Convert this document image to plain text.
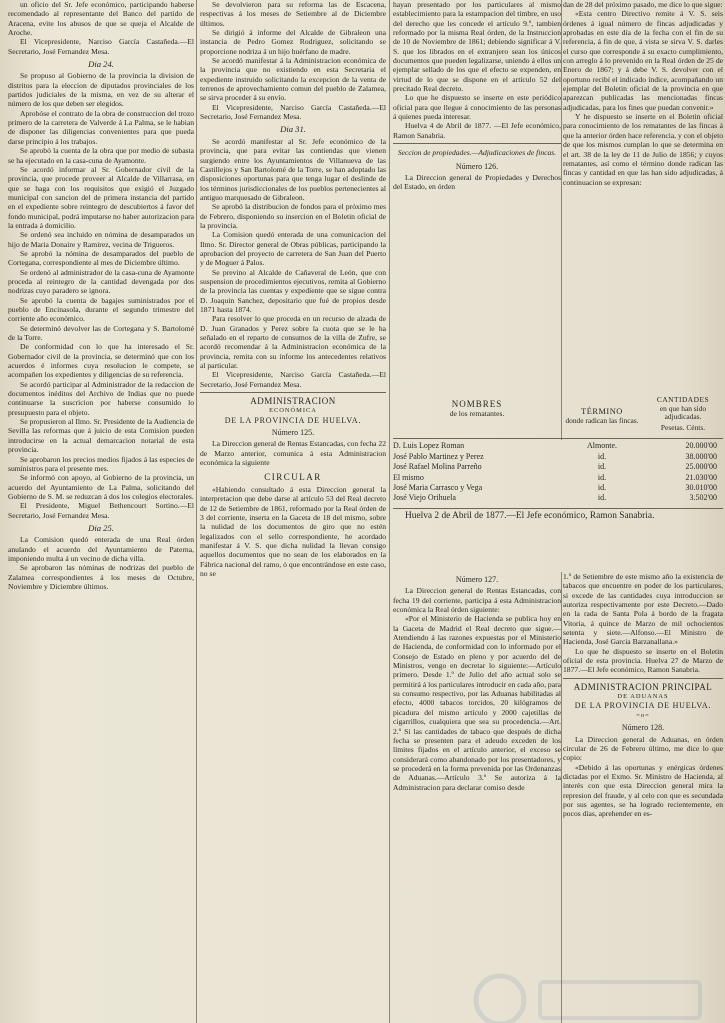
un oficio del Sr. Jefe económico, participando haberse recomendado al representante del Banco del partido de Aracena, evite los abusos de que se queja el Alcalde de Aroche.

El Vicepresidente, Narciso García Castañeda.—El Secretario, José Fernandez Mesa.

Dia 24.

Se propuso al Gobierno de la provincia la division de distritos para la eleccion de diputados provinciales de los partidos judiciales de la misma, en vez de su alterar el número de los que deben ser elegidos.

Aprobóse el contrato de la obra de construccion del trozo primero de la carretera de Valverde á La Palma, se le habian de disponer las diligencias convenientes para que pueda darse principio á los trabajos.

Se aprobó la cuenta de la obra que por medio de subasta se ha ejecutado en la casa-cuna de Ayamonte.

Se acordó informar al Sr. Gobernador civil de la provincia, que procede proveer al Alcalde de Villarrasa, en que se haga con los requisitos que exigió el Juzgado municipal con sancion del de primera instancia del partido en el expediente sobre reintegro de descubiertos á favor del fondo municipal, podrá imputarse no haber autorizacion para la entrada á domicilio.

Se ordenó sea incluido en nómina de desamparados un hijo de Maria Donaire y Ramirez, vecina de Trigueros.

Se aprobó la nómina de desamparados del pueblo de Cortegana, correspondiente al mes de Diciembre último.

Se ordenó al administrador de la casa-cuna de Ayamonte proceda al reintegro de la cantidad devengada por dos nodrizas cuyo paradero se ignora.

Se aprobó la cuenta de bagajes suministrados por el pueblo de Encinasola, durante el segundo trimestre del corriente año económico.

Se determinó devolver las de Cortegana y S. Bartolomé de la Torre.

De conformidad con lo que ha interesado el Sr. Gobernador civil de la provincia, se determinó que con los acuerdos é informes cuya resolucion le compete, se acompañen los expedientes y diligencias de su referencia.

Se acordó participar al Administrador de la redaccion de documentos inéditos del Archivo de Indias que no puede continuarse la suscricion por haberse consumido lo presupuesto para el objeto.

Se propusieron al Ilmo. Sr. Presidente de la Audiencia de Sevilla las reformas que á juicio de esta Comision pueden introducirse en la actual demarcacion notarial de esta provincia.

Se aprobaron los precios medios fijados á las especies de suministros para el presente mes.

Se informó con apoyo, al Gobierno de la provincia, un acuerdo del Ayuntamiento de La Palma, solicitando del Gobierno de S. M. se reduzcan á dos los colegios electorales.

El Presidente, Miguel Bethencourt Sortino.—El Secretario, José Fernandez Mesa.

Dia 25.

La Comision quedó enterada de una Real órden anulando el acuerdo del Ayuntamiento de Paterna, imponiendo multa á un vecino de dicha villa.

Se aprobaron las nóminas de nodrizas del pueblo de Zalamea correspondientes á los meses de Octubre, Noviembre y Diciembre últimos.

Se devolvieron para su reforma las de Escacena, respectivas á los meses de Setiembre al de Diciembre últimos.

Se dirigió á informe del Alcalde de Gibraleon una instancia de Pedro Gomez Rodriguez, solicitando se proporcione nodriza á un hijo huérfano de madre.

Se acordó manifestar á la Administracion económica de la provincia que no existiendo en esta Secretaria el expediente instruido solicitando la excepcion de la venta de terrenos de aprovechamiento comun del pueblo de Zalamea, se sirva proceder á su envío.

El Vicepresidente, Narciso García Castañeda.—El Secretario, José Fernandez Mesa.

Dia 31.

Se acordó manifestar al Sr. Jefe económico de la provincia, que para evitar las contiendas que vienen surgiendo entre los Ayuntamientos de Villanueva de las Castillejos y San Bartolomé de la Torre, se han adoptado las disposiciones oportunas para que tenga lugar el deslinde de los términos jurisdiccionales de los pueblos pertenecientes al antiguo marquesado de Gibraleon.

Se aprobó la distribucion de fondos para el próximo mes de Febrero, disponiendo su insercion en el Boletin oficial de la provincia.

La Comision quedó enterada de una comunicacion del Ilmo. Sr. Director general de Obras públicas, participando la aprobacion del proyecto de carretera de San Juan del Puerto y de Moguer á Palos.

Se previno al Alcalde de Cañaveral de León, que con suspension de procedimientos ejecutivos, remita al Gobierno de la provincia las cuentas y expediente que se sigue contra D. Joaquin Sanchez, depositario que fué de propios desde 1871 hasta 1874.

Para resolver lo que proceda en un recurso de alzada de D. Juan Granados y Perez sobre la cuota que se le ha señalado en el reparto de consumos de la villa de Zufre, se acordó recomendar á la Administracion económica de la provincia, remita con su informe los antecedentes relativos al particular.

El Vicepresidente, Narciso García Castañeda.—El Secretario, José Fernandez Mesa.

ADMINISTRACION
ECONÓMICA
DE LA PROVINCIA DE HUELVA.
Número 125.

La Direccion general de Rentas Estancadas, con fecha 22 de Marzo anterior, comunica á esta Administracion económica la siguiente

CIRCULAR

«Habiendo consultado á esta Direccion general la interpretacion que debe darse al artículo 53 del Real decreto de 12 de Setiembre de 1861, reformado por la Real órden de 3 del corriente, inserta en la Gaceta de 18 del mismo, sobre la nulidad de los documentos de giro que no estén legalizados con el sello correspondiente, he acordado manifestar á V. S. que dicha nulidad la llevan consigo aquellos documentos que no sean de los elaborados en la Fábrica nacional del ramo, ó que encontrándose en este caso, no se

hayan presentado por los particulares al mismo establecimiento para la estampacion del timbre, en uso del derecho que les concede el artículo 9.º, tambien reformado por la misma Real órden, de la Instruccion de 10 de Noviembre de 1861; debiendo significar á V. S. que los librados en el extranjero sean los únicos documentos que pueden legalizarse, uniendo á ellos un ejemplar sellado de los que el efecto se expenden, en virtud de lo que se dispone en el artículo 52 del precitado Real decreto.

Lo que he dispuesto se inserte en este periódico oficial para que llegue á conocimiento de las personas á quienes pueda interesar.

Huelva 4 de Abril de 1877. —El Jefe económico, Ramon Sanabria.

Seccion de propiedades.—Adjudicaciones de fincas.
Número 126.

La Direccion general de Propiedades y Derechos del Estado, en órden

dan de 28 del próximo pasado, me dice lo que sigue:

«Esta centro Directivo remite á V. S. seis órdenes á igual número de fincas adjudicadas y aprobadas en este día de la fecha con el fin de su referencia, á fin de que, á vista se sirva V. S. darles el curso que corresponde á su exacto cumplimiento, con arreglo á lo prevenido en la Real órden de 25 de Enero de 1867; y á debe V. S. devolver con el oportuno recibí el indicado índice, acompañando un ejemplar del Boletin oficial de la provincia en que aparezcan publicadas las mencionadas fincas adjudicadas, para los fines que puedan convenir.»

Y he dispuesto se inserte en el Boletin oficial para conocimiento de los rematantes de las fincas á que la anterior órden hace referencia, y con el objeto de que los mismos cumplan lo que se determina en el art. 38 de la ley de 11 de Julio de 1856; y cuyos rematantes, así como el término donde radican las fincas y cantidad en que las han sido adjudicadas, á continuacion se expresan:

NOMBRES
de los rematantes.	TÉRMINO
donde radican las fincas.
CANTIDADES
en que han sido adjudicadas.
Pesetas. Cénts.
D. Luis Lopez Roman	Almonte.	20.000'00
José Pablo Martinez y Perez	id.	38.000'00
José Rafael Molina Parreño	id.	25.000'00
El mismo	id.	21.030'00
José Maria Carrasco y Vega	id.	30.010'00
José Viejo Orihuela	id.	3.502'00
Huelva 2 de Abril de 1877.—El Jefe económico, Ramon Sanabria.
Número 127.

La Direccion general de Rentas Estancadas, con fecha 19 del corriente, participa á esta Administracion económica la Real órden siguiente:

«Por el Ministerio de Hacienda se publica hoy en la Gaceta de Madrid el Real decreto que sigue.— Atendiendo á las razones expuestas por el Ministerio de Hacienda, de conformidad con lo informado por el Consejo de Estado en pleno y por acuerdo del de Ministros, vengo en decretar lo siguiente:—Artículo primero. Desde 1.º de Julio del año actual solo se permitirá á los particulares introducir en cada año, para su consumo respectivo, por las Aduanas habilitadas al efecto, 4000 tabacos torcidos, 20 kilógramos de picadura del mismo artículo y 2000 cajetillas de cigarrillos, cualquiera que sea su procedencia.—Art. 2.º Si las cantidades de tabaco que después de dicha fecha se presenten para el adeudo exceden de los límites fijados en el artículo anterior, el exceso se considerará como abandonado por los presentadores, y se procederá en la forma prevenida por las Ordenanzas de Aduanas.—Artículo 3.º Se autoriza á la Administracion para declarar comiso desde

1.º de Setiembre de este mismo año la existencia de tabacos que encuentre en poder de los particulares, si excede de las cantidades cuya introduccion se autoriza respectivamente por este Decreto.—Dado en la rada de Santa Pola á bordo de la fragata Vitoria, á quince de Marzo de mil ochocientos setenta y siete.—Alfonso.—El Ministro de Hacienda, José Garcia Barzanallana.»

Lo que he dispuesto se inserte en el Boletin oficial de esta provincia. Huelva 27 de Marzo de 1877.—El Jefe económico, Ramon Sanabria.

ADMINISTRACION PRINCIPAL
DE ADUANAS
DE LA PROVINCIA DE HUELVA.
=o=
Número 128.

La Direccion general de Aduanas, en órden circular de 26 de Febrero último, me dice lo que copio:

«Debido á las oportunas y enérgicas órdenes dictadas por el Exmo. Sr. Ministro de Hacienda, al interés con que esta Direccion general mira la represion del fraude, y al celo con que es secundada por sus agentes, se ha logrado recientemente, en pocos días, aprehender en es-
